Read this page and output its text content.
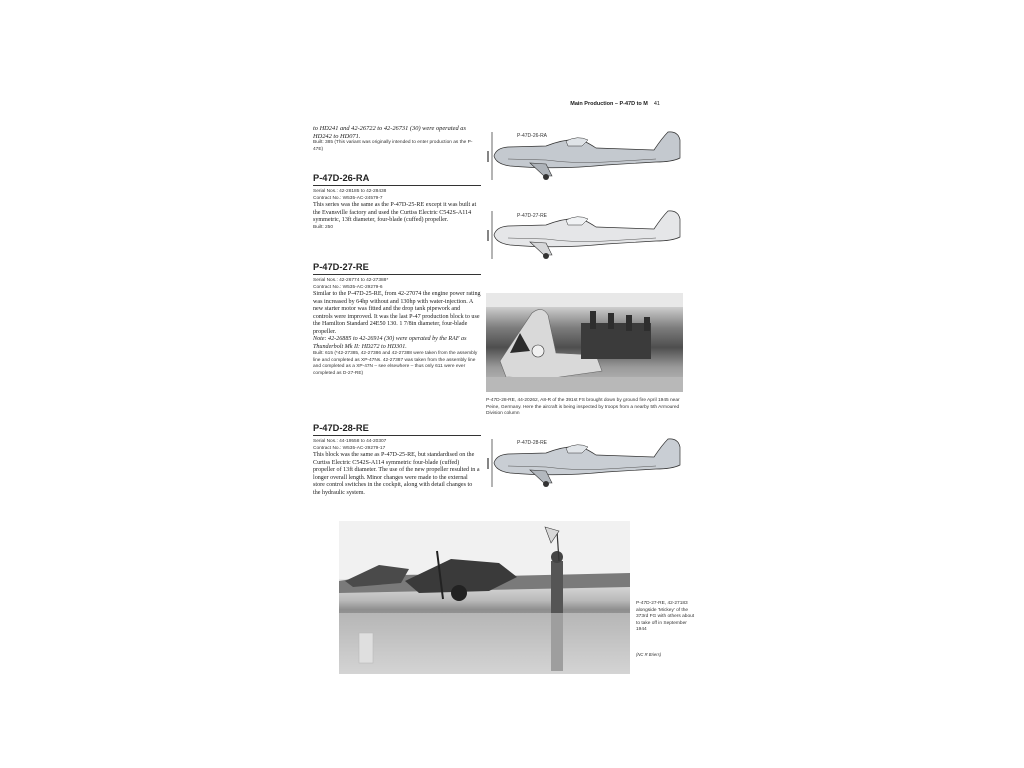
Main Production – P-47D to M 41
to HD241 and 42-26722 to 42-26731 (30) were operated as HD242 to HD071.
Built: 385 (This variant was originally intended to enter production as the P-47E)
P-47D-26-RA
Serial Nos.: 42-28185 to 42-28438
Contract No.: W535-AC-24579-7
This series was the same as the P-47D-25-RE except it was built at the Evansville factory and used the Curtiss Electric C542S-A114 symmetric, 13ft diameter, four-blade (cuffed) propeller.
Built: 250
P-47D-27-RE
Serial Nos.: 42-26774 to 42-27388*
Contract No.: W535-AC-29279-6
Similar to the P-47D-25-RE, from 42-27074 the engine power rating was increased by 64hp without and 130hp with water-injection. A new starter motor was fitted and the drop tank pipework and controls were improved. It was the last P-47 production block to use the Hamilton Standard 24E50 130. 1 7/8in diameter, four-blade propeller.
Note: 42-26885 to 42-26914 (30) were operated by the RAF as Thunderbolt Mk II: HD272 to HD301.
Built: 615 (*42-27385, 42-27386 and 42-27388 were taken from the assembly line and completed as XP-47Ns. 42-27387 was taken from the assembly line and completed as a XP-47N – see elsewhere – thus only 611 were ever completed as D-27-RE)
P-47D-28-RE
Serial Nos.: 44-19558 to 44-20307
Contract No.: W535-AC-29279-17
This block was the same as P-47D-25-RE, but standardised on the Curtiss Electric C542S-A114 symmetric four-blade (cuffed) propeller of 13ft diameter. The use of the new propeller resulted in a longer overall length. Minor changes were made to the external store control switches in the cockpit, along with detail changes to the hydraulic system.
P-47D-26-RA
P-47D-27-RE
P-47D-28-RE, 44-20262, A8-R of the 391st FS brought down by ground fire April 1945 near Peine, Germany. Here the aircraft is being inspected by troops from a nearby 5th Armoured Division column
P-47D-28-RE
P-47D-27-RE, 42-27183 alongside ‘Mickey’ of the 373rd FG with others about to take off in September 1944
(NC R Briers)
